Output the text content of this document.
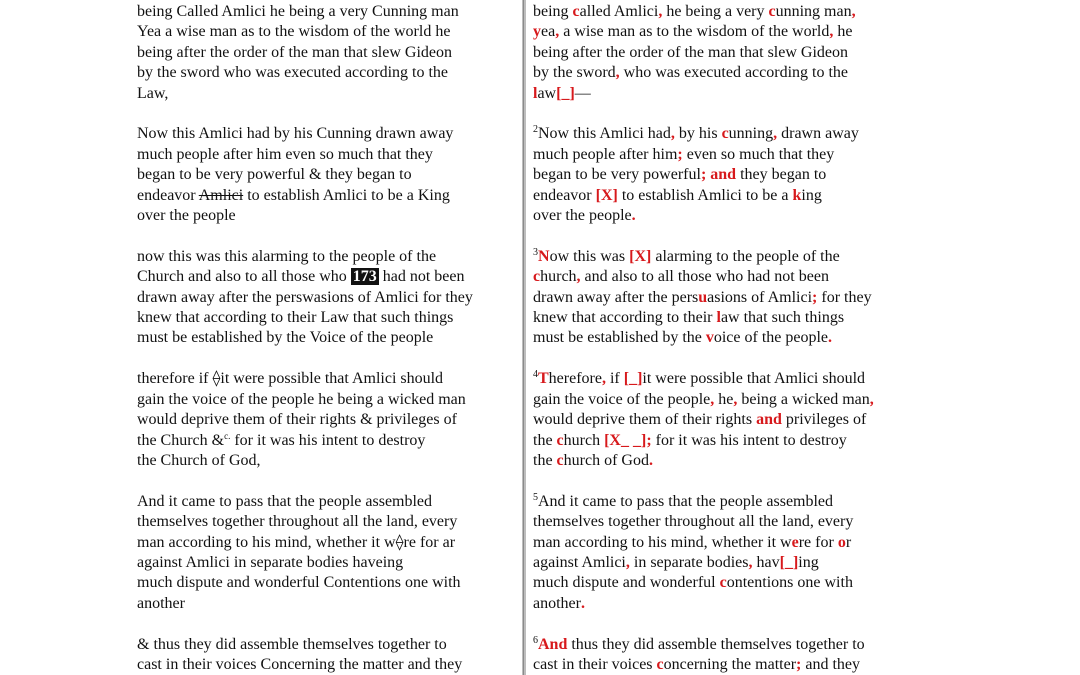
being Called Amlici he being a very Cunning man
Yea a wise man as to the wisdom of the world he
being after the order of the man that slew Gideon
by the sword who was executed according to the
Law,
Now this Amlici had by his Cunning drawn away
much people after him even so much that they
began to be very powerful & they began to
endeavor Amlici to establish Amlici to be a King
over the people
now this was this alarming to the people of the
Church and also to all those who 173 had not been
drawn away after the perswasions of Amlici for they
knew that according to their Law that such things
must be established by the Voice of the people
therefore if ⟠it were possible that Amlici should
gain the voice of the people he being a wicked man
would deprive them of their rights & privileges of
the Church &$^{c.}$ for it was his intent to destroy
the Church of God,
And it came to pass that the people assembled
themselves together throughout all the land, every
man according to his mind, whether it w⟠re for ar
against Amlici in separate bodies haveing
much dispute and wonderful Contentions one with
another
& thus they did assemble themselves together to
cast in their voices Concerning the matter and they
being called Amlici, he being a very cunning man,
yea, a wise man as to the wisdom of the world, he
being after the order of the man that slew Gideon
by the sword, who was executed according to the
law[_]—
$^2$Now this Amlici had, by his cunning, drawn away
much people after him; even so much that they
began to be very powerful; and they began to
endeavor [X] to establish Amlici to be a king
over the people.
$^3$Now this was [X] alarming to the people of the
church, and also to all those who had not been
drawn away after the persuasions of Amlici; for they
knew that according to their law that such things
must be established by the voice of the people.
$^4$Therefore, if [_]it were possible that Amlici should
gain the voice of the people, he, being a wicked man,
would deprive them of their rights and privileges of
the church [X_ _]; for it was his intent to destroy
the church of God.
$^5$And it came to pass that the people assembled
themselves together throughout all the land, every
man according to his mind, whether it were for or
against Amlici, in separate bodies, hav[_]ing
much dispute and wonderful contentions one with
another.
$^6$And thus they did assemble themselves together to
cast in their voices concerning the matter; and they
